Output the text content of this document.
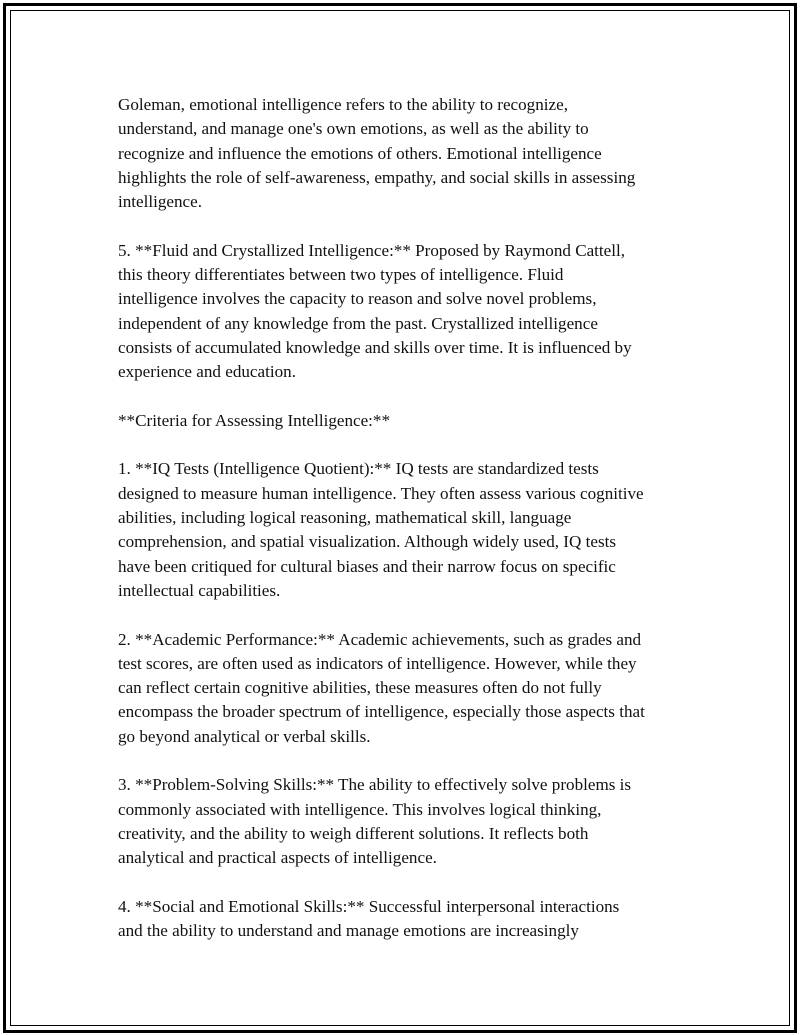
Goleman, emotional intelligence refers to the ability to recognize,
understand, and manage one's own emotions, as well as the ability to
recognize and influence the emotions of others. Emotional intelligence
highlights the role of self-awareness, empathy, and social skills in assessing
intelligence.

5. **Fluid and Crystallized Intelligence:** Proposed by Raymond Cattell,
this theory differentiates between two types of intelligence. Fluid
intelligence involves the capacity to reason and solve novel problems,
independent of any knowledge from the past. Crystallized intelligence
consists of accumulated knowledge and skills over time. It is influenced by
experience and education.

**Criteria for Assessing Intelligence:**

1. **IQ Tests (Intelligence Quotient):** IQ tests are standardized tests
designed to measure human intelligence. They often assess various cognitive
abilities, including logical reasoning, mathematical skill, language
comprehension, and spatial visualization. Although widely used, IQ tests
have been critiqued for cultural biases and their narrow focus on specific
intellectual capabilities.

2. **Academic Performance:** Academic achievements, such as grades and
test scores, are often used as indicators of intelligence. However, while they
can reflect certain cognitive abilities, these measures often do not fully
encompass the broader spectrum of intelligence, especially those aspects that
go beyond analytical or verbal skills.

3. **Problem-Solving Skills:** The ability to effectively solve problems is
commonly associated with intelligence. This involves logical thinking,
creativity, and the ability to weigh different solutions. It reflects both
analytical and practical aspects of intelligence.

4. **Social and Emotional Skills:** Successful interpersonal interactions
and the ability to understand and manage emotions are increasingly
